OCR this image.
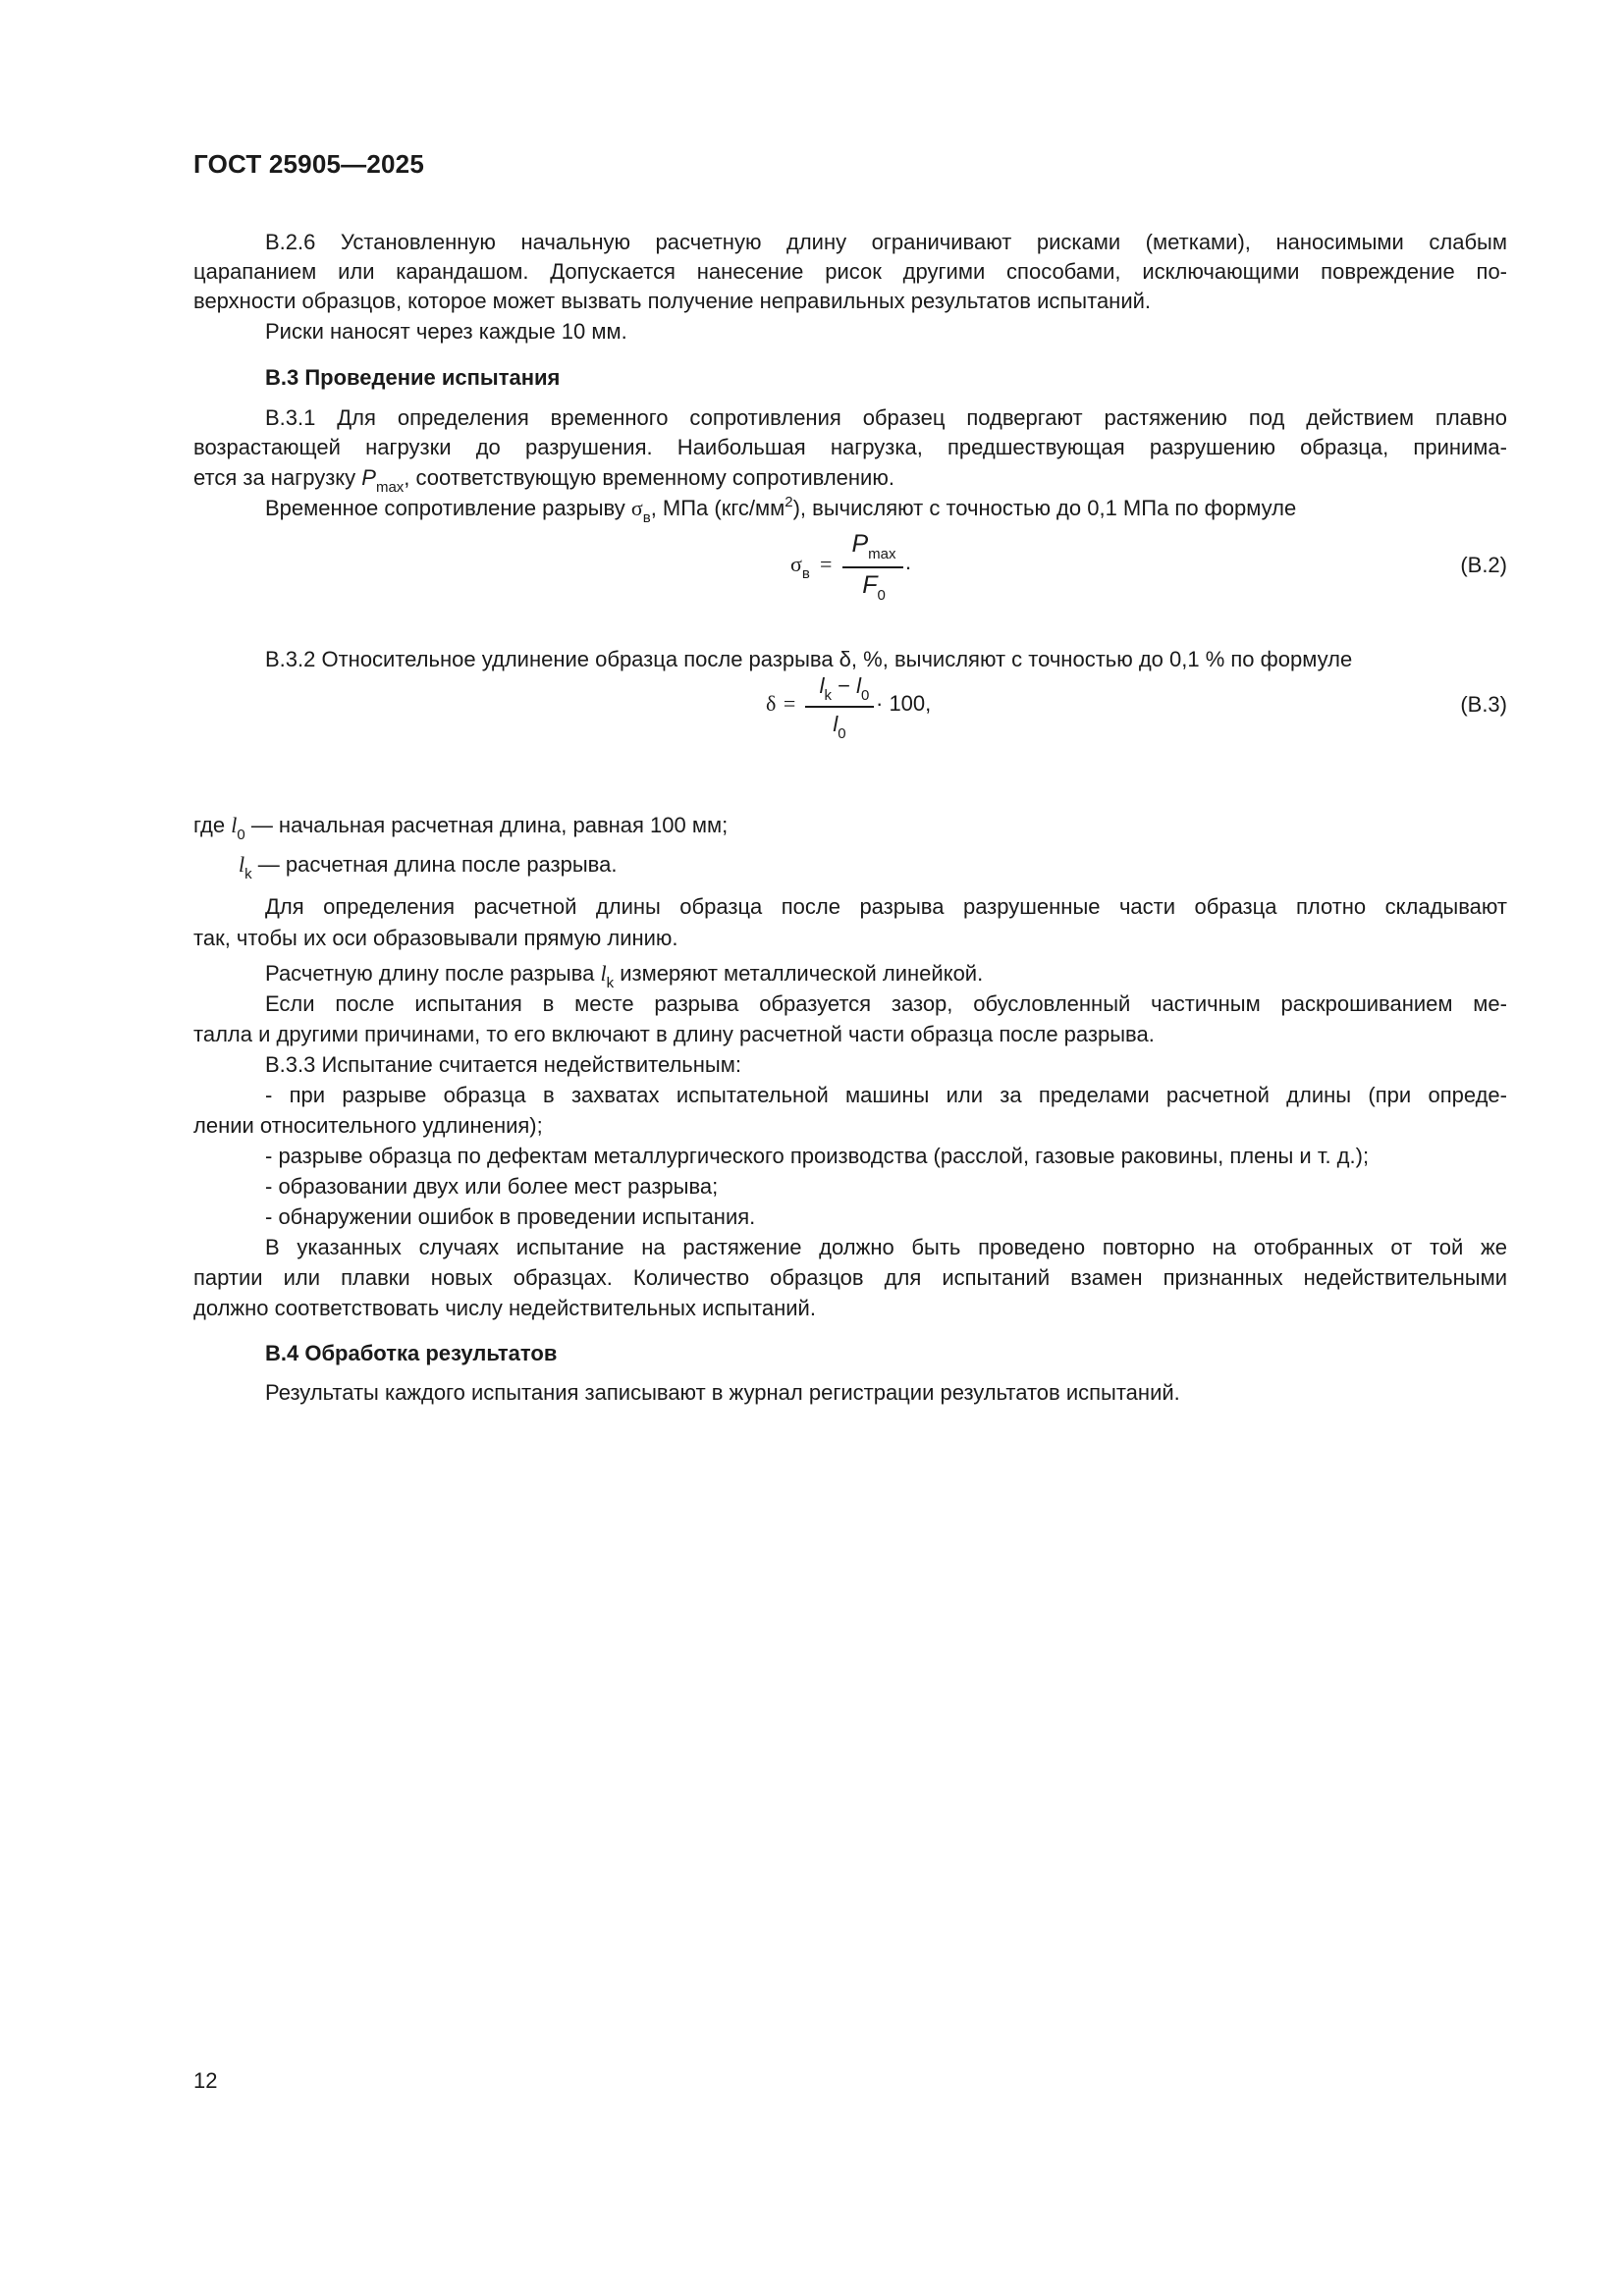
ГОСТ 25905—2025
В.2.6 Установленную начальную расчетную длину ограничивают рисками (метками), наносимыми слабым
царапанием или карандашом. Допускается нанесение рисок другими способами, исключающими повреждение по-
верхности образцов, которое может вызвать получение неправильных результатов испытаний.
Риски наносят через каждые 10 мм.
В.3 Проведение испытания
В.3.1 Для определения временного сопротивления образец подвергают растяжению под действием плавно
возрастающей нагрузки до разрушения. Наибольшая нагрузка, предшествующая разрушению образца, принима-
ется за нагрузку $P_{max}$, соответствующую временному сопротивлению.
Временное сопротивление разрыву $\sigma_в$, МПа $(кгс/мм^2)$, вычисляют с точностью до 0,1 МПа по формуле
$\sigma_в$ =
$P_{max}$
$F_0$
.	(В.2)
В.3.2 Относительное удлинение образца после разрыва δ, %, вычисляют с точностью до 0,1 % по формуле
δ =
$l_k - l_0$
$l_0$
· 100,	(В.3)
где $l_0$ — начальная расчетная длина, равная 100 мм;
$l_k$ — расчетная длина после разрыва.
Для определения расчетной длины образца после разрыва разрушенные части образца плотно складывают
так, чтобы их оси образовывали прямую линию.
Расчетную длину после разрыва $l_k$ измеряют металлической линейкой.
Если после испытания в месте разрыва образуется зазор, обусловленный частичным раскрошиванием ме-
талла и другими причинами, то его включают в длину расчетной части образца после разрыва.
В.3.3 Испытание считается недействительным:
- при разрыве образца в захватах испытательной машины или за пределами расчетной длины (при опреде-
лении относительного удлинения);
- разрыве образца по дефектам металлургического производства (расслой, газовые раковины, плены и т. д.);
- образовании двух или более мест разрыва;
- обнаружении ошибок в проведении испытания.
В указанных случаях испытание на растяжение должно быть проведено повторно на отобранных от той же
партии или плавки новых образцах. Количество образцов для испытаний взамен признанных недействительными
должно соответствовать числу недействительных испытаний.
В.4 Обработка результатов
Результаты каждого испытания записывают в журнал регистрации результатов испытаний.
12
